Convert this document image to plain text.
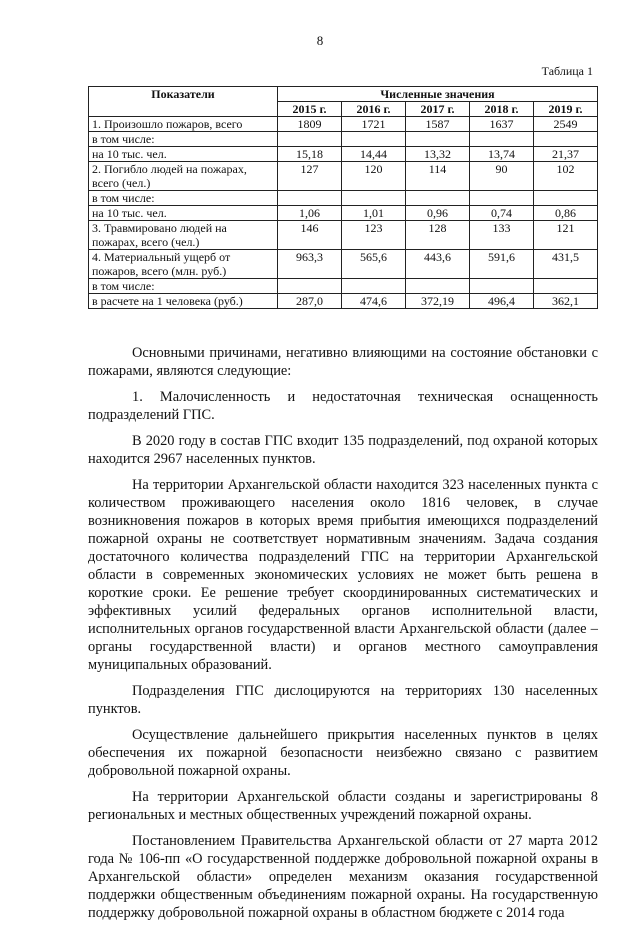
8
Таблица 1
Показатели	Численные значения				
	2015 г.	2016 г.	2017 г.	2018 г.	2019 г.
1. Произошло пожаров, всего	1809	1721	1587	1637	2549
в том числе:					
на 10 тыс. чел.	15,18	14,44	13,32	13,74	21,37
2. Погибло людей на пожарах, всего (чел.)	127	120	114	90	102
в том числе:					
на 10 тыс. чел.	1,06	1,01	0,96	0,74	0,86
3. Травмировано людей на пожарах, всего (чел.)	146	123	128	133	121
4. Материальный ущерб от пожаров, всего (млн. руб.)	963,3	565,6	443,6	591,6	431,5
в том числе:					
в расчете на 1 человека (руб.)	287,0	474,6	372,19	496,4	362,1

Основными причинами, негативно влияющими на состояние обстановки с пожарами, являются следующие:

1. Малочисленность и недостаточная техническая оснащенность подразделений ГПС.

В 2020 году в состав ГПС входит 135 подразделений, под охраной которых находится 2967 населенных пунктов.

На территории Архангельской области находится 323 населенных пункта с количеством проживающего населения около 1816 человек, в случае возникновения пожаров в которых время прибытия имеющихся подразделений пожарной охраны не соответствует нормативным значениям. Задача создания достаточного количества подразделений ГПС на территории Архангельской области в современных экономических условиях не может быть решена в короткие сроки. Ее решение требует скоординированных систематических и эффективных усилий федеральных органов исполнительной власти, исполнительных органов государственной власти Архангельской области (далее – органы государственной власти) и органов местного самоуправления муниципальных образований.

Подразделения ГПС дислоцируются на территориях 130 населенных пунктов.

Осуществление дальнейшего прикрытия населенных пунктов в целях обеспечения их пожарной безопасности неизбежно связано с развитием добровольной пожарной охраны.

На территории Архангельской области созданы и зарегистрированы 8 региональных и местных общественных учреждений пожарной охраны.

Постановлением Правительства Архангельской области от 27 марта 2012 года № 106-пп «О государственной поддержке добровольной пожарной охраны в Архангельской области» определен механизм оказания государственной поддержки общественным объединениям пожарной охраны. На государственную поддержку добровольной пожарной охраны в областном бюджете с 2014 года
